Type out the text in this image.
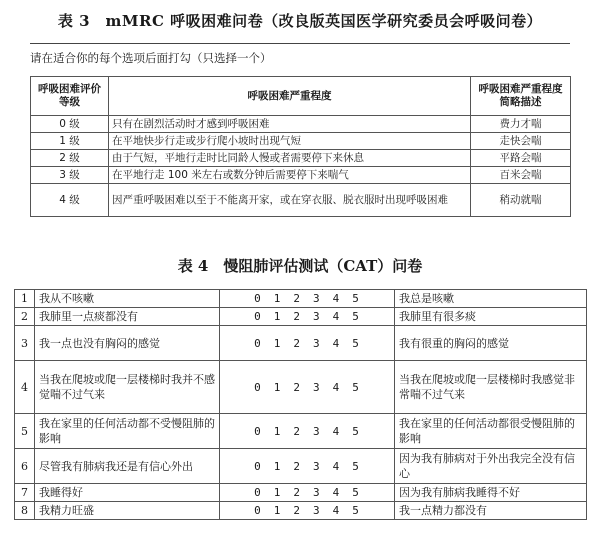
表 3　mMRC 呼吸困难问卷（改良版英国医学研究委员会呼吸问卷）
请在适合你的每个选项后面打勾（只选择一个）
呼吸困难评价等级	呼吸困难严重程度	呼吸困难严重程度简略描述
0 级	只有在剧烈活动时才感到呼吸困难	费力才喘
1 级	在平地快步行走或步行爬小坡时出现气短	走快会喘
2 级	由于气短，平地行走时比同龄人慢或者需要停下来休息	平路会喘
3 级	在平地行走 100 米左右或数分钟后需要停下来喘气	百米会喘
4 级	因严重呼吸困难以至于不能离开家，或在穿衣服、脱衣服时出现呼吸困难	稍动就喘
表 4　慢阻肺评估测试（CAT）问卷
1	我从不咳嗽	0　1　2　3　4　5	我总是咳嗽
2	我肺里一点痰都没有	0　1　2　3　4　5	我肺里有很多痰
3	我一点也没有胸闷的感觉	0　1　2　3　4　5	我有很重的胸闷的感觉
4	当我在爬坡或爬一层楼梯时我并不感觉喘不过气来	0　1　2　3　4　5	当我在爬坡或爬一层楼梯时我感觉非常喘不过气来
5	我在家里的任何活动都不受慢阻肺的影响	0　1　2　3　4　5	我在家里的任何活动都很受慢阻肺的影响
6	尽管我有肺病我还是有信心外出	0　1　2　3　4　5	因为我有肺病对于外出我完全没有信心
7	我睡得好	0　1　2　3　4　5	因为我有肺病我睡得不好
8	我精力旺盛	0　1　2　3　4　5	我一点精力都没有
